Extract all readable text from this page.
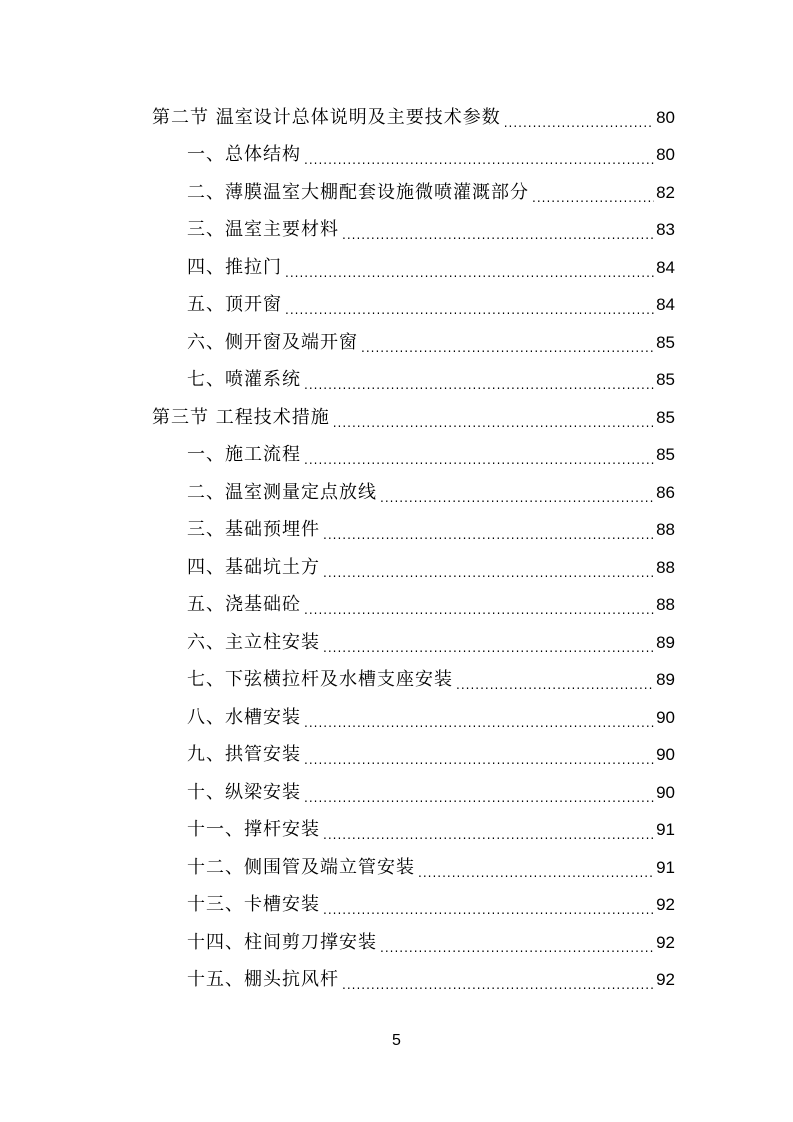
第二节 温室设计总体说明及主要技术参数 .....	80
一、总体结构 .....	80
二、薄膜温室大棚配套设施微喷灌溉部分 .....	82
三、温室主要材料 .....	83
四、推拉门 .....	84
五、顶开窗 .....	84
六、侧开窗及端开窗 .....	85
七、喷灌系统 .....	85
第三节 工程技术措施 .....	85
一、施工流程 .....	85
二、温室测量定点放线 .....	86
三、基础预埋件 .....	88
四、基础坑土方 .....	88
五、浇基础砼 .....	88
六、主立柱安装 .....	89
七、下弦横拉杆及水槽支座安装 .....	89
八、水槽安装 .....	90
九、拱管安装 .....	90
十、纵梁安装 .....	90
十一、撑杆安装 .....	91
十二、侧围管及端立管安装 .....	91
十三、卡槽安装 .....	92
十四、柱间剪刀撑安装 .....	92
十五、棚头抗风杆 .....	92
5
